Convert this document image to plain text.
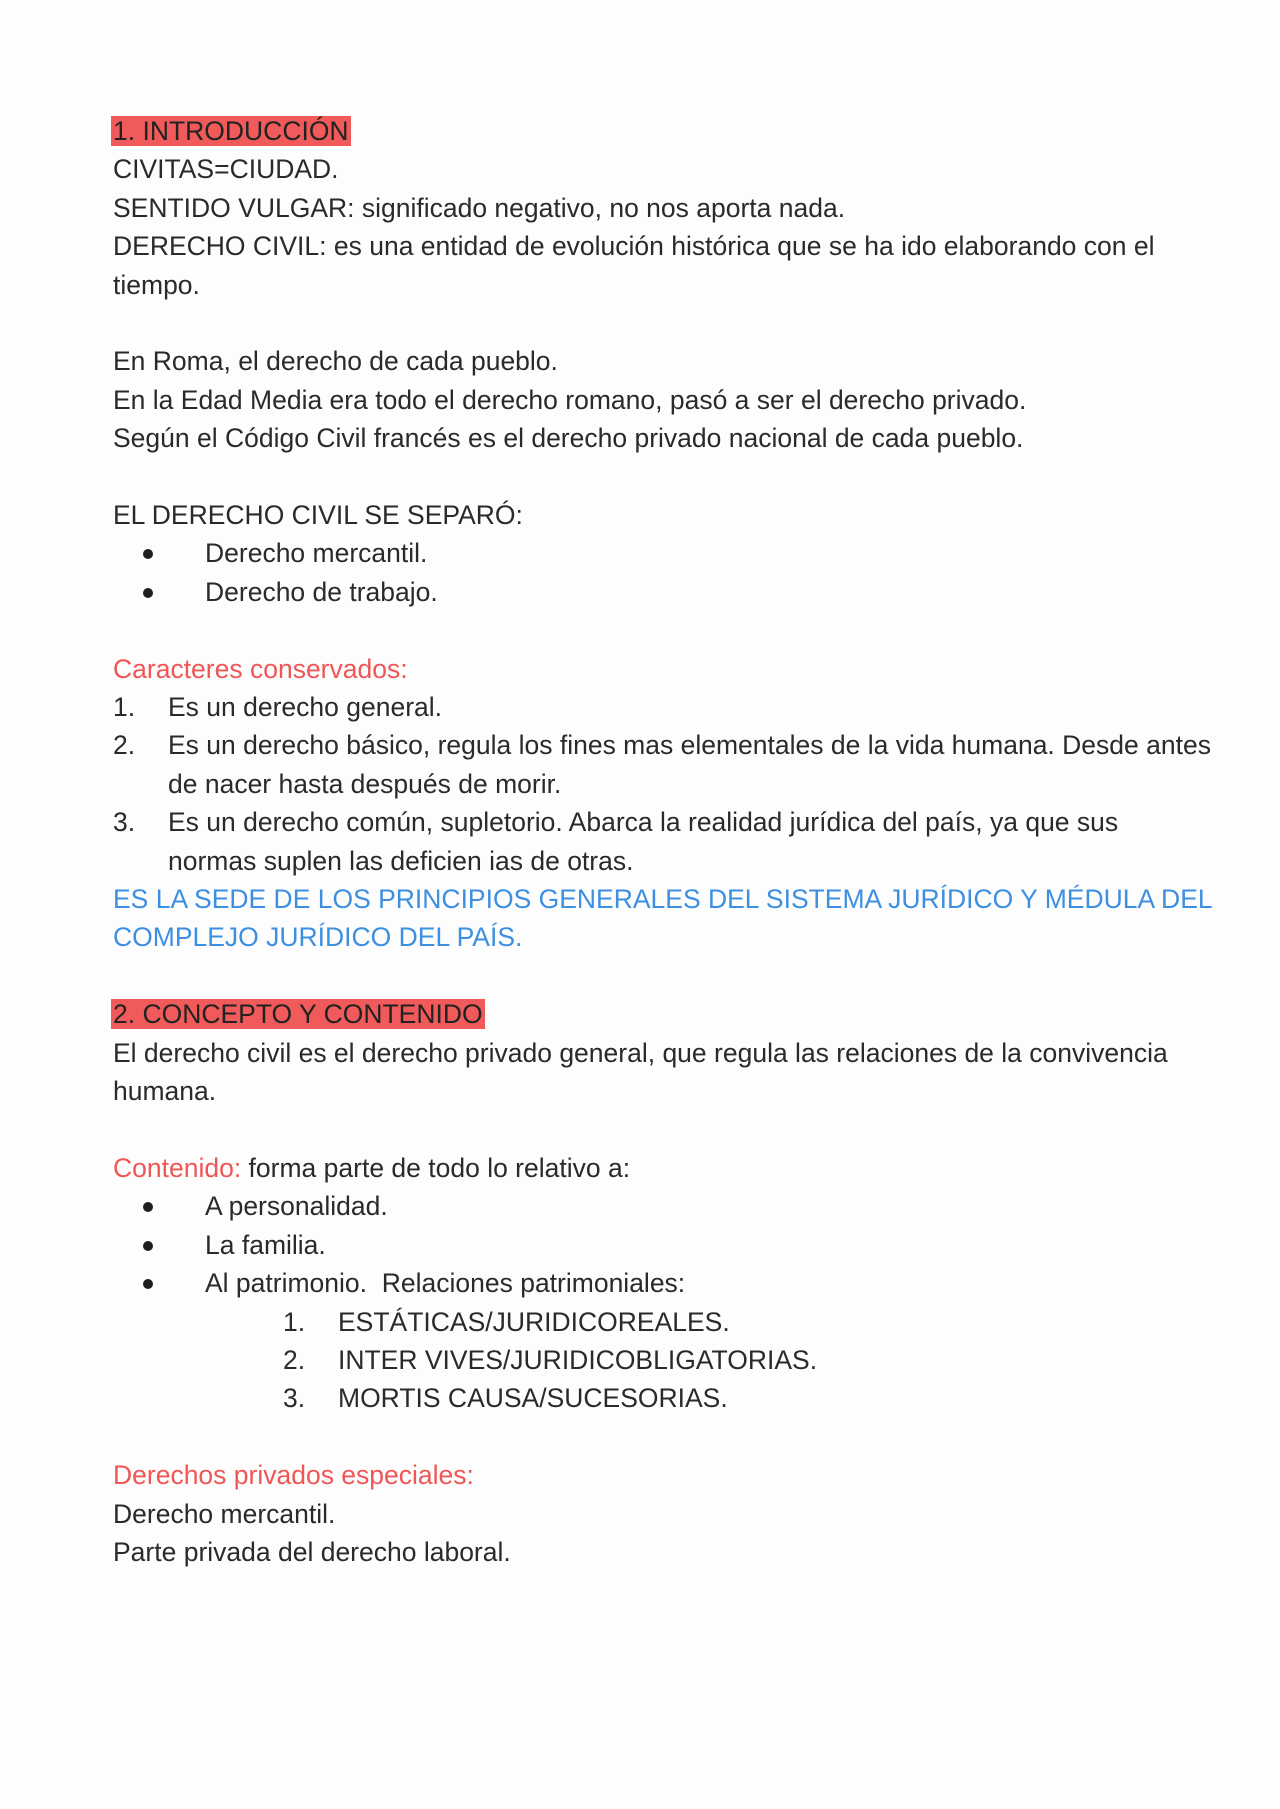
1. INTRODUCCIÓN
CIVITAS=CIUDAD.
SENTIDO VULGAR: significado negativo, no nos aporta nada.
DERECHO CIVIL: es una entidad de evolución histórica que se ha ido elaborando con el tiempo.
En Roma, el derecho de cada pueblo.
En la Edad Media era todo el derecho romano, pasó a ser el derecho privado.
Según el Código Civil francés es el derecho privado nacional de cada pueblo.
EL DERECHO CIVIL SE SEPARÓ:
Derecho mercantil.
Derecho de trabajo.
Caracteres conservados:
1.	Es un derecho general.
2.	Es un derecho básico, regula los fines mas elementales de la vida humana. Desde antes de nacer hasta después de morir.
3.	Es un derecho común, supletorio. Abarca la realidad jurídica del país, ya que sus normas suplen las deficien ias de otras.
ES LA SEDE DE LOS PRINCIPIOS GENERALES DEL SISTEMA JURÍDICO Y MÉDULA DEL COMPLEJO JURÍDICO DEL PAÍS.
2. CONCEPTO Y CONTENIDO
El derecho civil es el derecho privado general, que regula las relaciones de la convivencia humana.
Contenido: forma parte de todo lo relativo a:
A personalidad.
La familia.
Al patrimonio.  Relaciones patrimoniales:
1.	ESTÁTICAS/JURIDICOREALES.
2.	INTER VIVES/JURIDICOBLIGATORIAS.
3.	MORTIS CAUSA/SUCESORIAS.
Derechos privados especiales:
Derecho mercantil.
Parte privada del derecho laboral.
